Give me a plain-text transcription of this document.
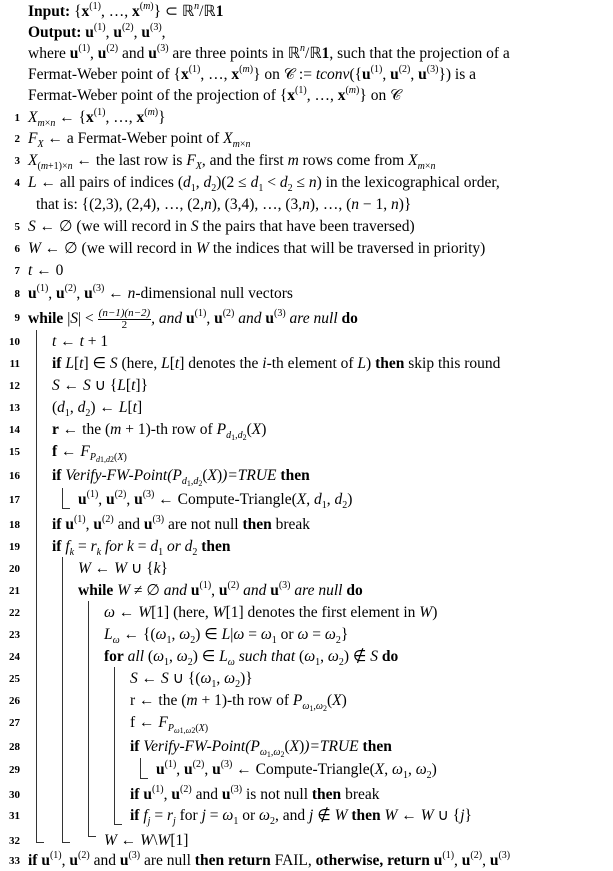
Input: {$x^{(1)}$, …, $x^{(m)}$} ⊂ ℝ$^n$/ℝ1
Output: $u^{(1)}$, $u^{(2)}$, $u^{(3)}$,
where $u^{(1)}$, $u^{(2)}$ and $u^{(3)}$ are three points in ℝ$^n$/ℝ1, such that the projection of a
Fermat-Weber point of {$x^{(1)}$, …, $x^{(m)}$} on 𝒞 := $tconv(\{u^{(1)}$, $u^{(2)}$, $u^{(3)}$}) is a
Fermat-Weber point of the projection of {$x^{(1)}$, …, $x^{(m)}$} on 𝒞
1 $X_{m\times n}$ ← {$x^{(1)}$, …, $x^{(m)}$}
2 $F_X$ ← a Fermat-Weber point of $X_{m\times n}$
3 $X_{(m+1)\times n}$ ← the last row is $F_X$, and the first m rows come from $X_{m\times n}$
4 L ← all pairs of indices ($d_1$, $d_2)(2 \le d_1 < d_2 \le n)$ in the lexicographical order,
that is: {(2,3), (2,4), …, (2,n), (3,4), …, (3,n), …, (n − 1, n)}
5 S ← ∅ (we will record in S the pairs that have been traversed)
6 W ← ∅ (we will record in W the indices that will be traversed in priority)
7 t ← 0
8 $u^{(1)}$, $u^{(2)}$, $u^{(3)}$ ← n-dimensional null vectors
9 while $|S| < \frac{(n-1)(n-2)}{2}$ , and $u^{(1)}$, $u^{(2)}$ and $u^{(3)}$ are null do
10 t ← t + 1
11 if L[t] ∈ S (here, L[t] denotes the i-th element of L) then skip this round
12 S ← S ∪ {L[t]}
13 ($d_1$, $d_2$) ← L[t]
14 r ← the (m + 1)-th row of $P_{d_1,d_2}(X)$
15 f ← $F_{P_{d1,d2}(X)}$
16 if Verify-$FW-Point(P_{d_1,d_2}(X))=TRUE$ then
17	$u^{(1)}$, $u^{(2)}$, $u^{(3)}$ ← Compute-Triangle(X, $d_1$, $d_2$)
18 if $u^{(1)}$, $u^{(2)}$ and $u^{(3)}$ are not null then break
19 if $f_k = r_k$ for $k = d_1$ or $d_2$ then
20	W ← W ∪ {k}
21	while W ≠ ∅ and $u^{(1)}$, $u^{(2)}$ and $u^{(3)}$ are null do
22	ω ← W[1] (here, W[1] denotes the first element in W)
23	$L_\omega$ ← {($\omega_1$, $\omega_2$) ∈ $L|\omega = \omega_1$ or $\omega = \omega_2$}
24	for all ($\omega_1$, $\omega_2$) ∈ $L_\omega$ such that ($\omega_1$, $\omega_2$) ∉ S do
25	S ← S ∪ {($\omega_1$, $\omega_2$)}
26	r ← the (m + 1)-th row of $P_{\omega_1,\omega_2}(X)$
27	f ← $F_{P_{\omega 1,\omega 2}(X)}$
28	if Verify-$FW-Point(P_{\omega_1,\omega_2}(X))=TRUE$ then
29	$u^{(1)}$, $u^{(2)}$, $u^{(3)}$ ← Compute-Triangle(X, $\omega_1$, $\omega_2$)
30	if $u^{(1)}$, $u^{(2)}$ and $u^{(3)}$ is not null then break
31	if $f_j = r_j$ for $j = \omega_1$ or $\omega_2$, and j ∉ W then W ← W ∪ {j}
32	W ← W\W[1]
33 if $u^{(1)}$, $u^{(2)}$ and $u^{(3)}$ are null then return FAIL, otherwise, return $u^{(1)}$, $u^{(2)}$, $u^{(3)}$
